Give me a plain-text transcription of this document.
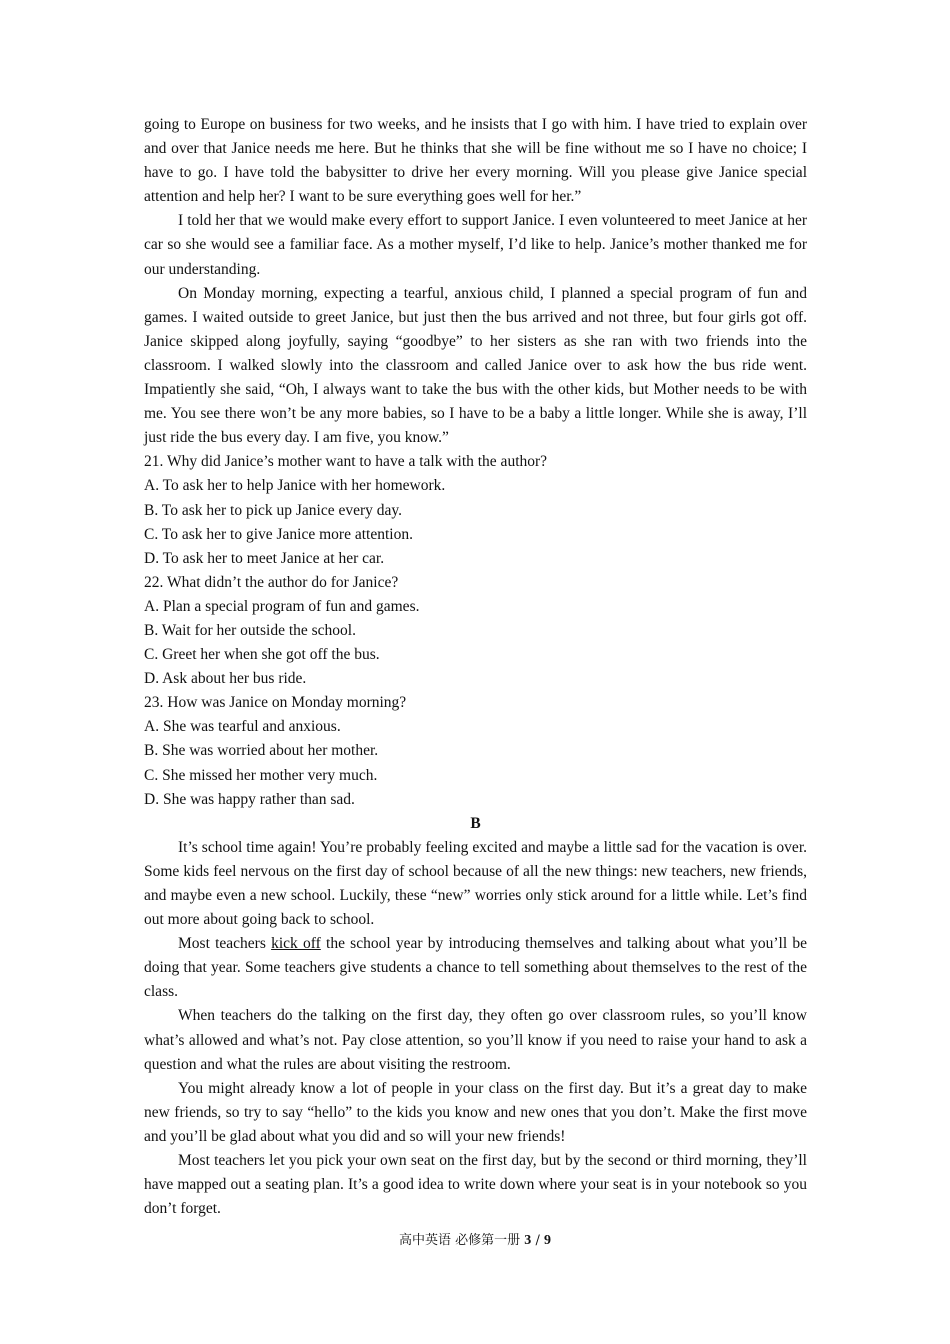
going to Europe on business for two weeks, and he insists that I go with him. I have tried to explain over and over that Janice needs me here. But he thinks that she will be fine without me so I have no choice; I have to go. I have told the babysitter to drive her every morning. Will you please give Janice special attention and help her? I want to be sure everything goes well for her.”

I told her that we would make every effort to support Janice. I even volunteered to meet Janice at her car so she would see a familiar face. As a mother myself, I’d like to help. Janice’s mother thanked me for our understanding.

On Monday morning, expecting a tearful, anxious child, I planned a special program of fun and games. I waited outside to greet Janice, but just then the bus arrived and not three, but four girls got off. Janice skipped along joyfully, saying “goodbye” to her sisters as she ran with two friends into the classroom. I walked slowly into the classroom and called Janice over to ask how the bus ride went. Impatiently she said, “Oh, I always want to take the bus with the other kids, but Mother needs to be with me. You see there won’t be any more babies, so I have to be a baby a little longer. While she is away, I’ll just ride the bus every day. I am five, you know.”

21. Why did Janice’s mother want to have a talk with the author?

A. To ask her to help Janice with her homework.

B. To ask her to pick up Janice every day.

C. To ask her to give Janice more attention.

D. To ask her to meet Janice at her car.

22. What didn’t the author do for Janice?

A. Plan a special program of fun and games.

B. Wait for her outside the school.

C. Greet her when she got off the bus.

D. Ask about her bus ride.

23. How was Janice on Monday morning?

A. She was tearful and anxious.

B. She was worried about her mother.

C. She missed her mother very much.

D. She was happy rather than sad.

B

It’s school time again! You’re probably feeling excited and maybe a little sad for the vacation is over. Some kids feel nervous on the first day of school because of all the new things: new teachers, new friends, and maybe even a new school. Luckily, these “new” worries only stick around for a little while. Let’s find out more about going back to school.

Most teachers kick off the school year by introducing themselves and talking about what you’ll be doing that year. Some teachers give students a chance to tell something about themselves to the rest of the class.

When teachers do the talking on the first day, they often go over classroom rules, so you’ll know what’s allowed and what’s not. Pay close attention, so you’ll know if you need to raise your hand to ask a question and what the rules are about visiting the restroom.

You might already know a lot of people in your class on the first day. But it’s a great day to make new friends, so try to say “hello” to the kids you know and new ones that you don’t. Make the first move and you’ll be glad about what you did and so will your new friends!

Most teachers let you pick your own seat on the first day, but by the second or third morning, they’ll have mapped out a seating plan. It’s a good idea to write down where your seat is in your notebook so you don’t forget.

高中英语 必修第一册 3 / 9
